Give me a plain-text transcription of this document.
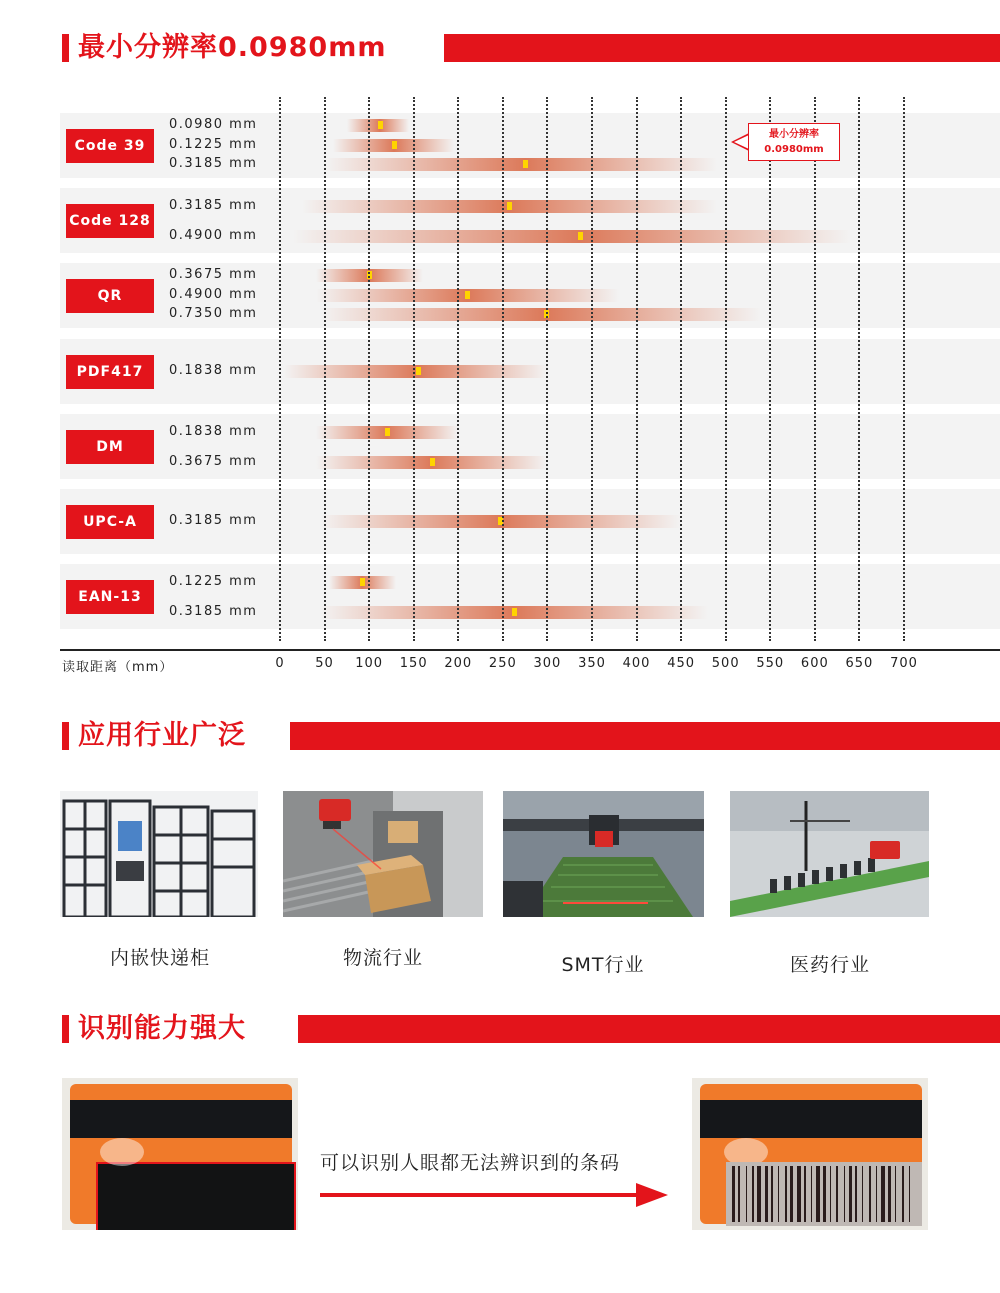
最小分辨率0.0980mm
Code 39
0.0980 mm
0.1225 mm
0.3185 mm
Code 128
0.3185 mm
0.4900 mm
QR
0.3675 mm
0.4900 mm
0.7350 mm
PDF417	0.1838 mm
DM
0.1838 mm
0.3675 mm
UPC-A	0.3185 mm
EAN-13
0.1225 mm
0.3185 mm
0	50	100	150	200	250	300	350	400	450	500	550	600	650	700
读取距离（mm）
最小分辨率
0.0980mm
应用行业广泛
内嵌快递柜	物流行业	SMT行业	医药行业
识别能力强大
可以识别人眼都无法辨识到的条码
